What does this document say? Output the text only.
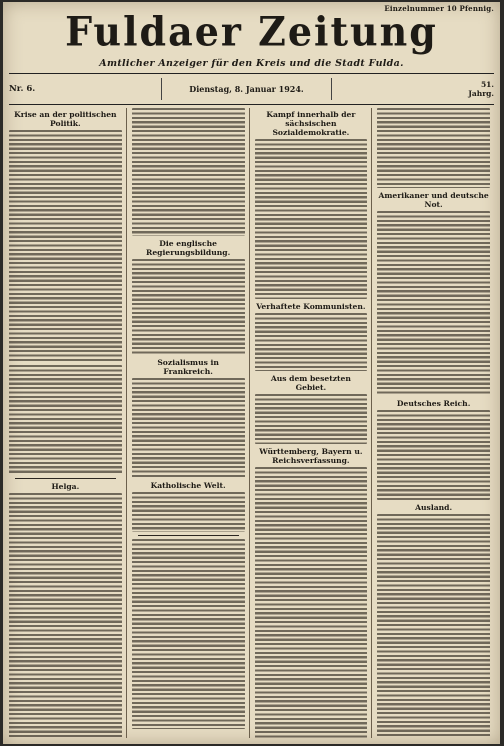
Einzelnummer 10 Pfennig.
Fuldaer Zeitung
Amtlicher Anzeiger für den Kreis und die Stadt Fulda.
Nr. 6.	Dienstag, 8. Januar 1924.	51. Jahrg.
Krise an der politischen Politik.
Helga.
Die englische Regierungsbildung.
Sozialismus in Frankreich.
Katholische Welt.
Kampf innerhalb der sächsischen Sozialdemokratie.
Verhaftete Kommunisten.
Aus dem besetzten Gebiet.
Württemberg, Bayern u. Reichsverfassung.
Amerikaner und deutsche Not.
Deutsches Reich.
Ausland.
